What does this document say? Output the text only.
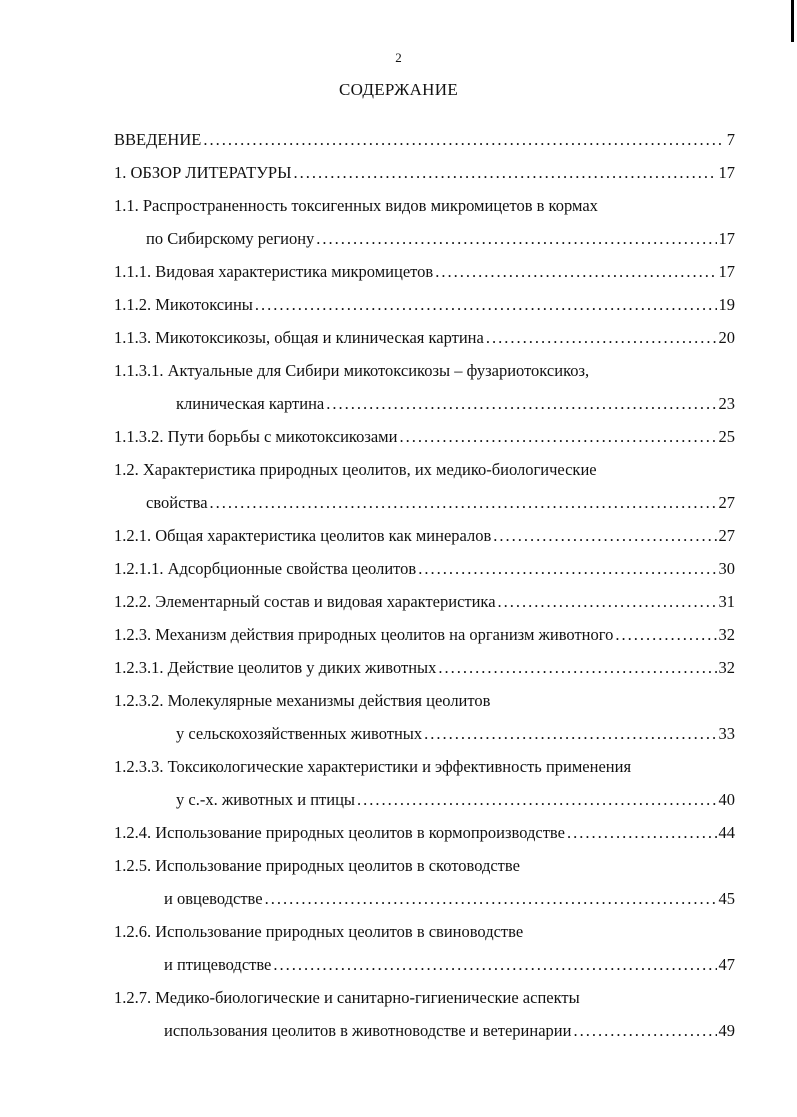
2
СОДЕРЖАНИЕ
ВВЕДЕНИЕ .....	7
1. ОБЗОР ЛИТЕРАТУРЫ .....	17
1.1. Распространенность токсигенных видов микромицетов в кормах
по Сибирскому региону .....	17
1.1.1. Видовая характеристика микромицетов .....	17
1.1.2. Микотоксины .....	19
1.1.3. Микотоксикозы, общая и клиническая картина .....	20
1.1.3.1. Актуальные для Сибири микотоксикозы – фузариотоксикоз,
клиническая картина .....	23
1.1.3.2. Пути борьбы с микотоксикозами .....	25
1.2. Характеристика природных цеолитов, их медико-биологические
свойства .....	27
1.2.1. Общая характеристика цеолитов как минералов .....	27
1.2.1.1. Адсорбционные свойства цеолитов .....	30
1.2.2. Элементарный состав и видовая характеристика .....	31
1.2.3. Механизм действия природных цеолитов на организм животного .....	32
1.2.3.1. Действие цеолитов у диких животных .....	32
1.2.3.2. Молекулярные механизмы действия цеолитов
у сельскохозяйственных животных .....	33
1.2.3.3. Токсикологические характеристики и эффективность применения
у с.-х. животных и птицы .....	40
1.2.4. Использование природных цеолитов в кормопроизводстве .....	44
1.2.5. Использование природных цеолитов в скотоводстве
и овцеводстве .....	45
1.2.6. Использование природных цеолитов в свиноводстве
и птицеводстве .....	47
1.2.7. Медико-биологические и санитарно-гигиенические аспекты
использования цеолитов в животноводстве и ветеринарии .....	49
